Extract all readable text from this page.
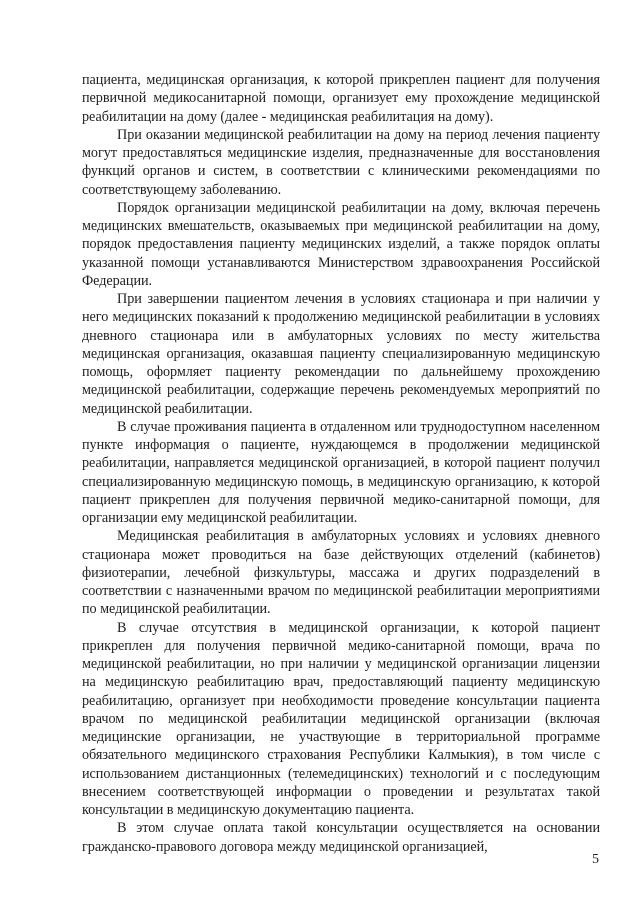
пациента, медицинская организация, к которой прикреплен пациент для получения первичной медикосанитарной помощи, организует ему прохождение медицинской реабилитации на дому (далее - медицинская реабилитация на дому).

При оказании медицинской реабилитации на дому на период лечения пациенту могут предоставляться медицинские изделия, предназначенные для восстановления функций органов и систем, в соответствии с клиническими рекомендациями по соответствующему заболеванию.

Порядок организации медицинской реабилитации на дому, включая перечень медицинских вмешательств, оказываемых при медицинской реабилитации на дому, порядок предоставления пациенту медицинских изделий, а также порядок оплаты указанной помощи устанавливаются Министерством здравоохранения Российской Федерации.

При завершении пациентом лечения в условиях стационара и при наличии у него медицинских показаний к продолжению медицинской реабилитации в условиях дневного стационара или в амбулаторных условиях по месту жительства медицинская организация, оказавшая пациенту специализированную медицинскую помощь, оформляет пациенту рекомендации по дальнейшему прохождению медицинской реабилитации, содержащие перечень рекомендуемых мероприятий по медицинской реабилитации.

В случае проживания пациента в отдаленном или труднодоступном населенном пункте информация о пациенте, нуждающемся в продолжении медицинской реабилитации, направляется медицинской организацией, в которой пациент получил специализированную медицинскую помощь, в медицинскую организацию, к которой пациент прикреплен для получения первичной медико-санитарной помощи, для организации ему медицинской реабилитации.

Медицинская реабилитация в амбулаторных условиях и условиях дневного стационара может проводиться на базе действующих отделений (кабинетов) физиотерапии, лечебной физкультуры, массажа и других подразделений в соответствии с назначенными врачом по медицинской реабилитации мероприятиями по медицинской реабилитации.

В случае отсутствия в медицинской организации, к которой пациент прикреплен для получения первичной медико-санитарной помощи, врача по медицинской реабилитации, но при наличии у медицинской организации лицензии на медицинскую реабилитацию врач, предоставляющий пациенту медицинскую реабилитацию, организует при необходимости проведение консультации пациента врачом по медицинской реабилитации медицинской организации (включая медицинские организации, не участвующие в территориальной программе обязательного медицинского страхования Республики Калмыкия), в том числе с использованием дистанционных (телемедицинских) технологий и с последующим внесением соответствующей информации о проведении и результатах такой консультации в медицинскую документацию пациента.

В этом случае оплата такой консультации осуществляется на основании гражданско-правового договора между медицинской организацией,

5
